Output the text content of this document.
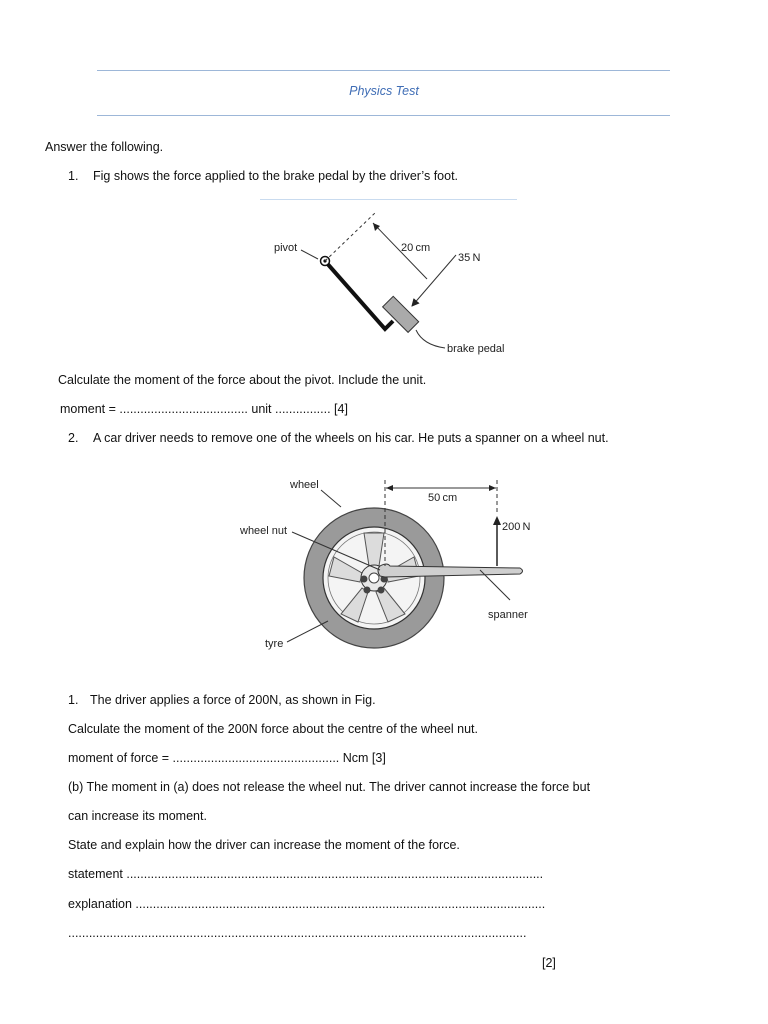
Physics Test
Answer the following.
1. Fig shows the force applied to the brake pedal by the driver’s foot.
pivot	20 cm
35 N
brake pedal
Calculate the moment of the force about the pivot. Include the unit.
moment = ..................................... unit ................ [4]
2. A car driver needs to remove one of the wheels on his car. He puts a spanner on a wheel nut.
wheel
50 cm
200 N
wheel nut
spanner
tyre
1. The driver applies a force of 200N, as shown in Fig.
Calculate the moment of the 200N force about the centre of the wheel nut.
moment of force = ................................................ Ncm [3]
(b) The moment in (a) does not release the wheel nut. The driver cannot increase the force but
can increase its moment.
State and explain how the driver can increase the moment of the force.
statement ........................................................................................................................
explanation ......................................................................................................................
....................................................................................................................................
[2]
